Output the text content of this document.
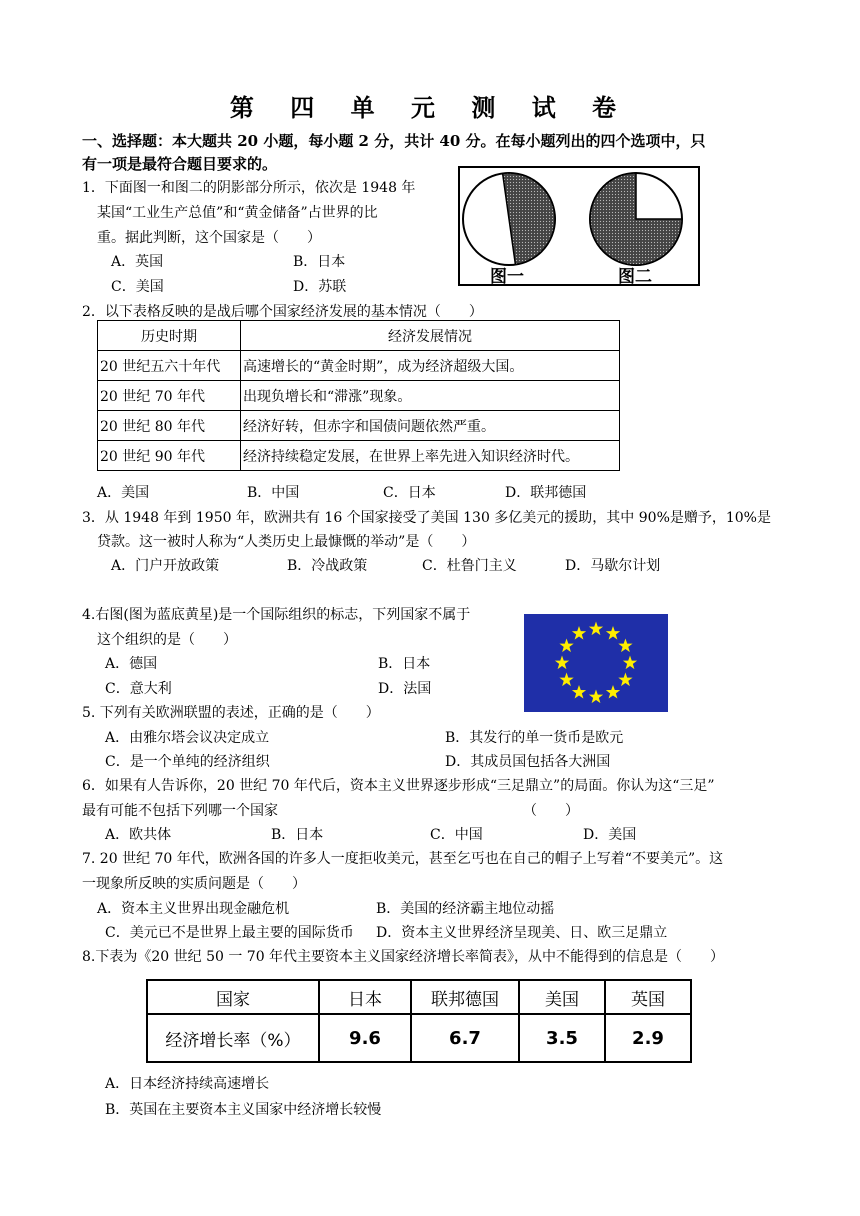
第 四 单 元 测 试 卷
一、选择题：本大题共 20 小题，每小题 2 分，共计 40 分。在每小题列出的四个选项中，只
有一项是最符合题目要求的。
1．下面图一和图二的阴影部分所示，依次是 1948 年
某国“工业生产总值”和“黄金储备”占世界的比
重。据此判断，这个国家是（　　）
A．英国	B．日本
C．美国	D．苏联	图一	图二
2．以下表格反映的是战后哪个国家经济发展的基本情况（　　）
历史时期	经济发展情况
20 世纪五六十年代	高速增长的“黄金时期”，成为经济超级大国。
20 世纪 70 年代	出现负增长和“滞涨”现象。
20 世纪 80 年代	经济好转，但赤字和国债问题依然严重。
20 世纪 90 年代	经济持续稳定发展，在世界上率先进入知识经济时代。
A．美国	B．中国	C．日本	D．联邦德国
3．从 1948 年到 1950 年，欧洲共有 16 个国家接受了美国 130 多亿美元的援助，其中 90%是赠予，10%是
贷款。这一被时人称为“人类历史上最慷慨的举动”是（　　）
A．门户开放政策	B．冷战政策	C．杜鲁门主义	D．马歇尔计划
4.右图(图为蓝底黄星)是一个国际组织的标志，下列国家不属于
这个组织的是（　　）
A．德国	B．日本
C．意大利	D．法国
5. 下列有关欧洲联盟的表述，正确的是（　　）
A．由雅尔塔会议决定成立	B．其发行的单一货币是欧元
C．是一个单纯的经济组织	D．其成员国包括各大洲国
6．如果有人告诉你，20 世纪 70 年代后，资本主义世界逐步形成“三足鼎立”的局面。你认为这“三足”
最有可能不包括下列哪一个国家	（　　）
A．欧共体	B．日本	C．中国	D．美国
7. 20 世纪 70 年代，欧洲各国的许多人一度拒收美元，甚至乞丐也在自己的帽子上写着“不要美元”。这
一现象所反映的实质问题是（　　）
A．资本主义世界出现金融危机	B．美国的经济霸主地位动摇
C．美元已不是世界上最主要的国际货币 D．资本主义世界经济呈现美、日、欧三足鼎立
8.下表为《20 世纪 50 一 70 年代主要资本主义国家经济增长率简表》，从中不能得到的信息是（　　）
国家	日本	联邦德国	美国	英国
经济增长率（%）	9.6	6.7	3.5	2.9
A．日本经济持续高速增长
B．英国在主要资本主义国家中经济增长较慢
